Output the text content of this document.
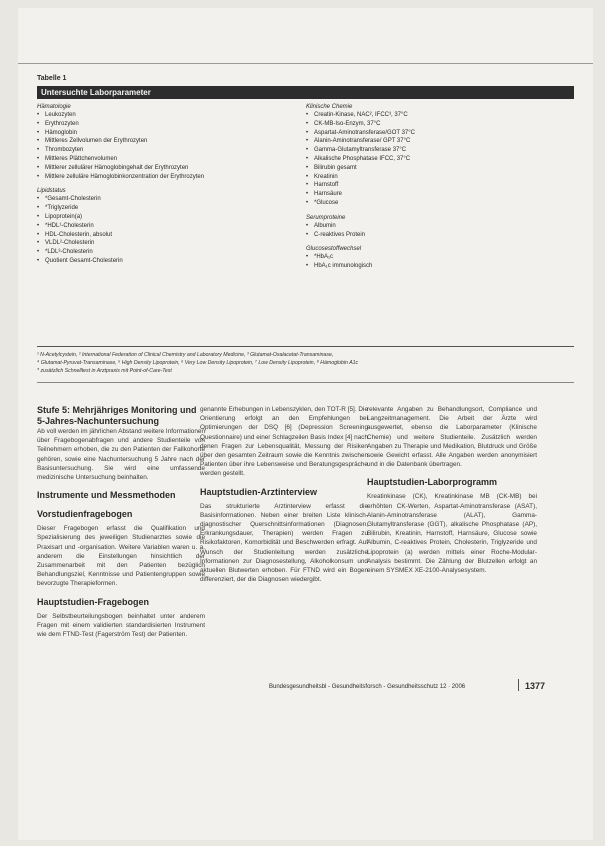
Tabelle 1
Untersuchte Laborparameter
Hämatologie
• Leukozyten
• Erythrozyten
• Hämoglobin
• Mittleres Zellvolumen der Erythrozyten
• Thrombozyten
• Mittleres Plättchenvolumen
• Mittlerer zellulärer Hämoglobingehalt der Erythrozyten
• Mittlere zelluläre Hämoglobinkonzentration der Erythrozyten
Lipidstatus
• *Gesamt-Cholesterin
• *Triglyzeride
• Lipoprotein(a)
• *HDL¹-Cholesterin
• HDL-Cholesterin, absolut
• VLDL²-Cholesterin
• *LDL³-Cholesterin
• Quotient Gesamt-Cholesterin
Klinische Chemie
• Creatin-Kinase, NAC², IFCC³, 37°C
• CK-MB-Iso-Enzym, 37°C
• Aspartat-Aminotransferase/GOT 37°C
• Alanin-Aminotransferase/ GPT 37°C
• Gamma-Glutamyltransferase 37°C
• Alkalische Phosphatase IFCC, 37°C
• Bilirubin gesamt
• Kreatinin
• Harnstoff
• Harnsäure
• *Glucose
Serumproteine
• Albumin
• C-reaktives Protein
Glucosestoffwechsel
• *HbA₁c
• HbA₁c immunologisch
¹ N-Acetylcystein, ² International Federation of Clinical Chemistry and Laboratory Medicine, ³ Glutamat-Oxalacetat-Transaminase,
⁴ Glutamat-Pyruvat-Transaminase, ⁵ High Density Lipoprotein, ⁶ Very Low Density Lipoprotein, ⁷ Low Density Lipoprotein, ⁸ Hämoglobin A1c
* zusätzlich Schnelltest in Arztpraxis mit Point-of-Care-Test
Stufe 5: Mehrjähriges Monitoring und 5-Jahres-Nachuntersuchung

Ab voll werden im jährlichen Abstand weitere Informationen über Fragebogenabfragen und andere Studienteile von Teilnehmern erhoben, die zu den Patienten der Fallkohorte gehören, sowie eine Nachuntersuchung 5 Jahre nach der Basisuntersuchung. Sie wird eine umfassende medizinische Untersuchung beinhalten.

Instrumente und Messmethoden
Vorstudienfragebogen

Dieser Fragebogen erfasst die Qualifikation und Spezialisierung des jeweiligen Studienarztes sowie die Praxisart und -organisation. Weitere Variablen waren u. a. anderem die Einstellungen hinsichtlich der Zusammenarbeit mit den Patienten bezüglich Behandlungsziel, Kenntnisse und Patientengruppen sowie bevorzugte Therapieformen.

Hauptstudien-Fragebogen

Der Selbstbeurteilungsbogen beinhaltet unter anderem Fragen mit einem validierten standardisierten Instrument wie dem FTND-Test (Fagerström Test) der Patienten.

genannte Erhebungen in Lebenszyklen, den TOT-R [5]. Die Orientierung erfolgt an den Empfehlungen bei Optimierungen der DSQ [6] (Depression Screening Questionnaire) und einer Schlagzeilen Basis Index [4] nach denen Fragen zur Lebensqualität, Messung der Risiken über den gesamten Zeitraum sowie die Kenntnis zwischen Patienten über ihre Lebensweise und Beratungsgespräche werden gestellt.

Hauptstudien-Arztinterview

Das strukturierte Arztinterview erfasst die Basisinformationen. Neben einer breiten Liste klinisch-diagnostischer Querschnittsinformationen (Diagnosen, Erkrankungsdauer, Therapien) werden Fragen zu Risikofaktoren, Komorbidität und Beschwerden erfragt. Auf Wunsch der Studienleitung werden zusätzliche Informationen zur Diagnosestellung, Alkoholkonsum und aktuellen Blutwerten erhoben. Für FTND wird ein Bogen differenziert, der die Diagnosen wiedergibt.

relevante Angaben zu Behandlungsort, Compliance und Langzeitmanagement. Die Arbeit der Ärzte wird ausgewertet, ebenso die Laborparameter (Klinische Chemie) und weitere Studienteile. Zusätzlich werden Angaben zu Therapie und Medikation, Blutdruck und Größe sowie Gewicht erfasst. Alle Angaben werden anonymisiert und in die Datenbank übertragen.

Hauptstudien-Laborprogramm

Kreatinkinase (CK), Kreatinkinase MB (CK-MB) bei erhöhten CK-Werten, Aspartat-Aminotransferase (ASAT), Alanin-Aminotransferase (ALAT), Gamma-Glutamyltransferase (GGT), alkalische Phosphatase (AP), Bilirubin, Kreatinin, Harnstoff, Harnsäure, Glucose sowie Albumin, C-reaktives Protein, Cholesterin, Triglyzeride und Lipoprotein (a) werden mittels einer Roche-Modular-Analysis bestimmt. Die Zählung der Blutzellen erfolgt an einem SYSMEX XE-2100-Analysesystem.

Bundesgesundheitsbl - Gesundheitsforsch - Gesundheitsschutz 12 · 2006	1377
